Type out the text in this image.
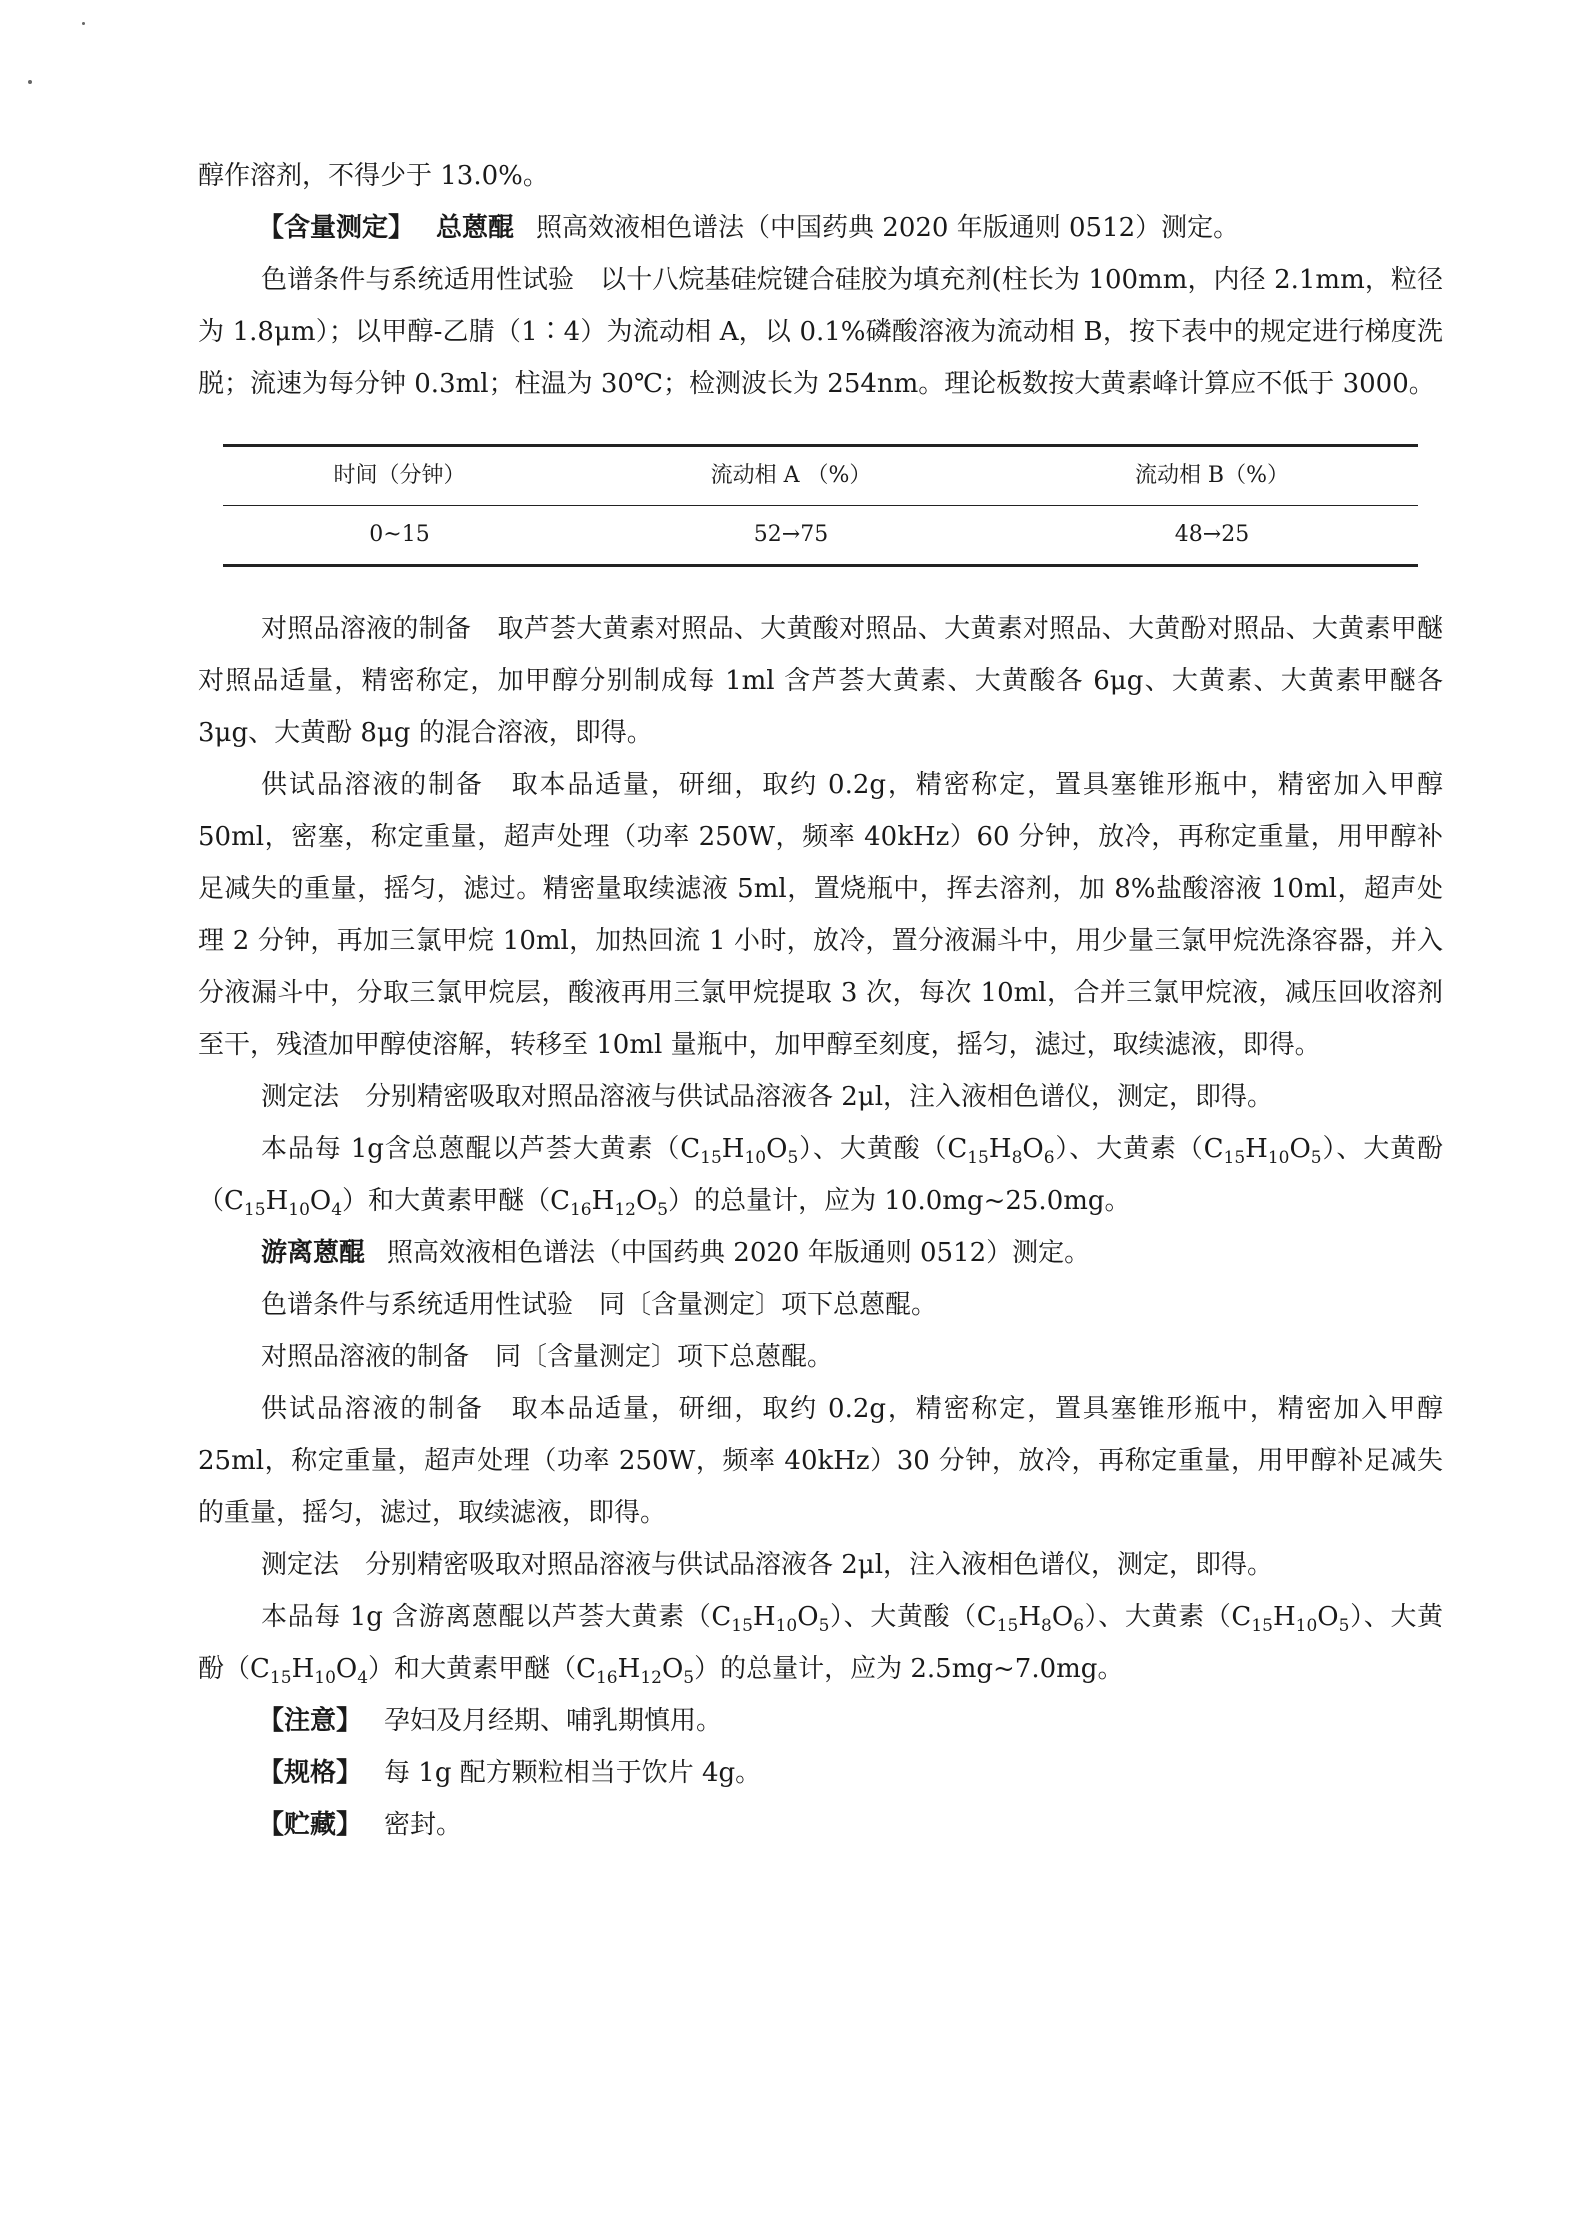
醇作溶剂，不得少于 13.0%。

【含量测定】 总蒽醌 照高效液相色谱法（中国药典 2020 年版通则 0512）测定。

色谱条件与系统适用性试验　以十八烷基硅烷键合硅胶为填充剂(柱长为 100mm，内径 2.1mm，粒径为 1.8μm）；以甲醇-乙腈（1∶4）为流动相 A，以 0.1%磷酸溶液为流动相 B，按下表中的规定进行梯度洗脱；流速为每分钟 0.3ml；柱温为 30℃；检测波长为 254nm。理论板数按大黄素峰计算应不低于 3000。

时间（分钟）	流动相 A （%）	流动相 B（%）
0~15	52→75	48→25

对照品溶液的制备　取芦荟大黄素对照品、大黄酸对照品、大黄素对照品、大黄酚对照品、大黄素甲醚对照品适量，精密称定，加甲醇分别制成每 1ml 含芦荟大黄素、大黄酸各 6μg、大黄素、大黄素甲醚各 3μg、大黄酚 8μg 的混合溶液，即得。

供试品溶液的制备　取本品适量，研细，取约 0.2g，精密称定，置具塞锥形瓶中，精密加入甲醇 50ml，密塞，称定重量，超声处理（功率 250W，频率 40kHz）60 分钟，放冷，再称定重量，用甲醇补足减失的重量，摇匀，滤过。精密量取续滤液 5ml，置烧瓶中，挥去溶剂，加 8%盐酸溶液 10ml，超声处理 2 分钟，再加三氯甲烷 10ml，加热回流 1 小时，放冷，置分液漏斗中，用少量三氯甲烷洗涤容器，并入分液漏斗中，分取三氯甲烷层，酸液再用三氯甲烷提取 3 次，每次 10ml，合并三氯甲烷液，减压回收溶剂至干，残渣加甲醇使溶解，转移至 10ml 量瓶中，加甲醇至刻度，摇匀，滤过，取续滤液，即得。

测定法　分别精密吸取对照品溶液与供试品溶液各 2μl，注入液相色谱仪，测定，即得。

本品每 1g含总蒽醌以芦荟大黄素$(C_{15}H_{10}O_5)$、大黄酸$(C_{15}H_8O_6)$、大黄素$(C_{15}H_{10}O_5)$、大黄酚$(C_{15}H_{10}O_4)$和大黄素甲醚$(C_{16}H_{12}O_5)$的总量计，应为 10.0mg~25.0mg。

游离蒽醌 照高效液相色谱法（中国药典 2020 年版通则 0512）测定。

色谱条件与系统适用性试验　同〔含量测定〕项下总蒽醌。

对照品溶液的制备　同〔含量测定〕项下总蒽醌。

供试品溶液的制备　取本品适量，研细，取约 0.2g，精密称定，置具塞锥形瓶中，精密加入甲醇 25ml，称定重量，超声处理（功率 250W，频率 40kHz）30 分钟，放冷，再称定重量，用甲醇补足减失的重量，摇匀，滤过，取续滤液，即得。

测定法　分别精密吸取对照品溶液与供试品溶液各 2μl，注入液相色谱仪，测定，即得。

本品每 1g 含游离蒽醌以芦荟大黄素$(C_{15}H_{10}O_5)$、大黄酸$(C_{15}H_8O_6)$、大黄素$(C_{15}H_{10}O_5)$、大黄酚$(C_{15}H_{10}O_4)$和大黄素甲醚$(C_{16}H_{12}O_5)$的总量计，应为 2.5mg~7.0mg。

【注意】 孕妇及月经期、哺乳期慎用。

【规格】 每 1g 配方颗粒相当于饮片 4g。

【贮藏】 密封。
